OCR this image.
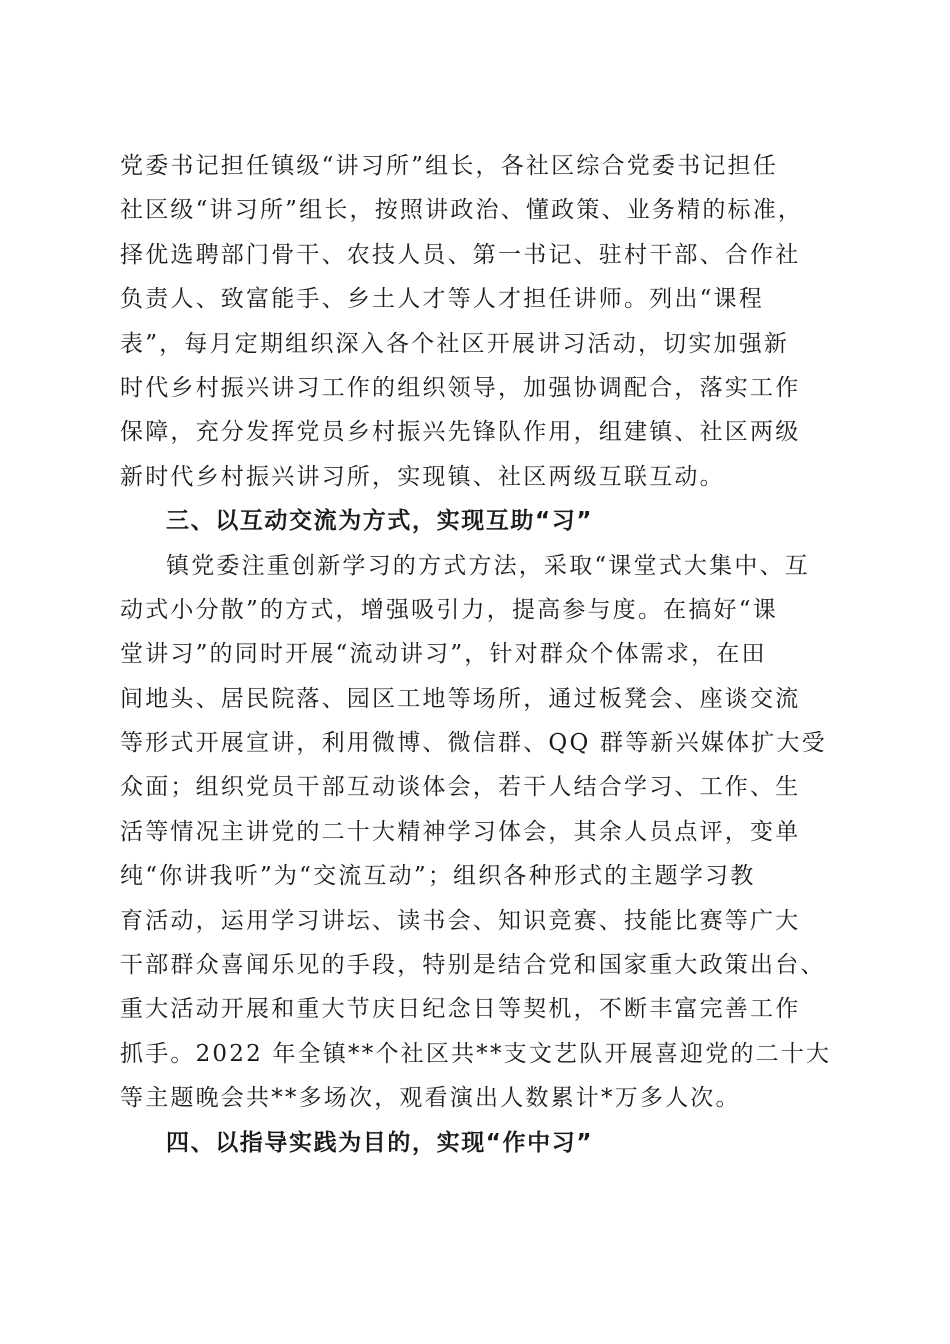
党委书记担任镇级“讲习所”组长，各社区综合党委书记担任
社区级“讲习所”组长，按照讲政治、懂政策、业务精的标准，
择优选聘部门骨干、农技人员、第一书记、驻村干部、合作社
负责人、致富能手、乡土人才等人才担任讲师。列出“课程
表”，每月定期组织深入各个社区开展讲习活动，切实加强新
时代乡村振兴讲习工作的组织领导，加强协调配合，落实工作
保障，充分发挥党员乡村振兴先锋队作用，组建镇、社区两级
新时代乡村振兴讲习所，实现镇、社区两级互联互动。
三、以互动交流为方式，实现互助“习”
镇党委注重创新学习的方式方法，采取“课堂式大集中、互
动式小分散”的方式，增强吸引力，提高参与度。在搞好“课
堂讲习”的同时开展“流动讲习”，针对群众个体需求，在田
间地头、居民院落、园区工地等场所，通过板凳会、座谈交流
等形式开展宣讲，利用微博、微信群、QQ 群等新兴媒体扩大受
众面；组织党员干部互动谈体会，若干人结合学习、工作、生
活等情况主讲党的二十大精神学习体会，其余人员点评，变单
纯“你讲我听”为“交流互动”；组织各种形式的主题学习教
育活动，运用学习讲坛、读书会、知识竞赛、技能比赛等广大
干部群众喜闻乐见的手段，特别是结合党和国家重大政策出台、
重大活动开展和重大节庆日纪念日等契机，不断丰富完善工作
抓手。2022 年全镇**个社区共**支文艺队开展喜迎党的二十大
等主题晚会共**多场次，观看演出人数累计*万多人次。
四、以指导实践为目的，实现“作中习”
